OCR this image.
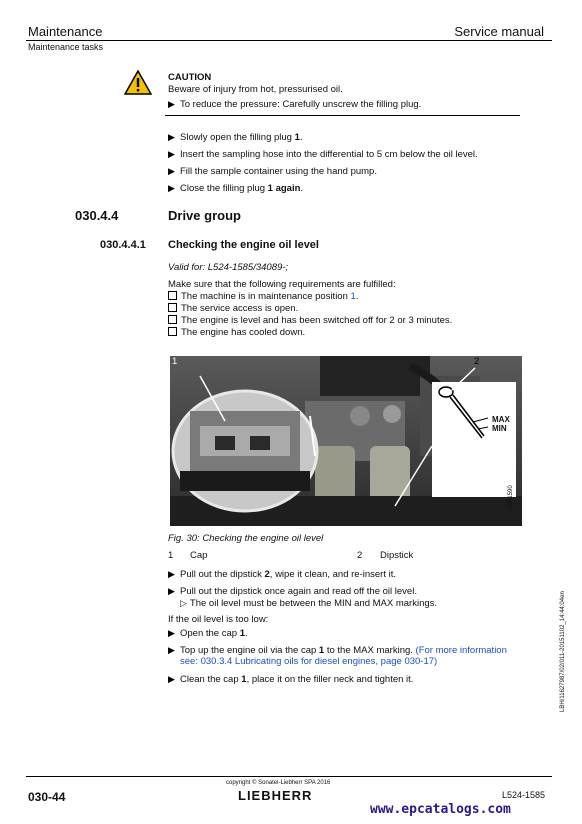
Maintenance	Service manual
Maintenance tasks
CAUTION
Beware of injury from hot, pressurised oil.
▶ To reduce the pressure: Carefully unscrew the filling plug.
▶ Slowly open the filling plug 1.
▶ Insert the sampling hose into the differential to 5 cm below the oil level.
▶ Fill the sample container using the hand pump.
▶ Close the filling plug 1 again.
030.4.4	Drive group
030.4.4.1 Checking the engine oil level
Valid for: L524-1585/34089-;
Make sure that the following requirements are fulfilled:
The machine is in maintenance position 1.
The service access is open.
The engine is level and has been switched off for 2 or 3 minutes.
The engine has cooled down.
1	2
MAX
MIN
L0001590
Fig. 30: Checking the engine oil level
1 Cap	2 Dipstick
▶ Pull out the dipstick 2, wipe it clean, and re-insert it.
▶ Pull out the dipstick once again and read off the oil level.
▷ The oil level must be between the MIN and MAX markings.
If the oil level is too low:
▶ Open the cap 1.
▶ Top up the engine oil via the cap 1 to the MAX marking. (For more information
see: 030.3.4 Lubricating oils for diesel engines, page 030-17)
▶ Clean the cap 1, place it on the filler neck and tighten it.	LBH/11627987/02/011-20151102_14:44:04en
030-44
copyright © Sonatel-Liebherr SPA 2016
LIEBHERR	L524-1585
www.epcatalogs.com
